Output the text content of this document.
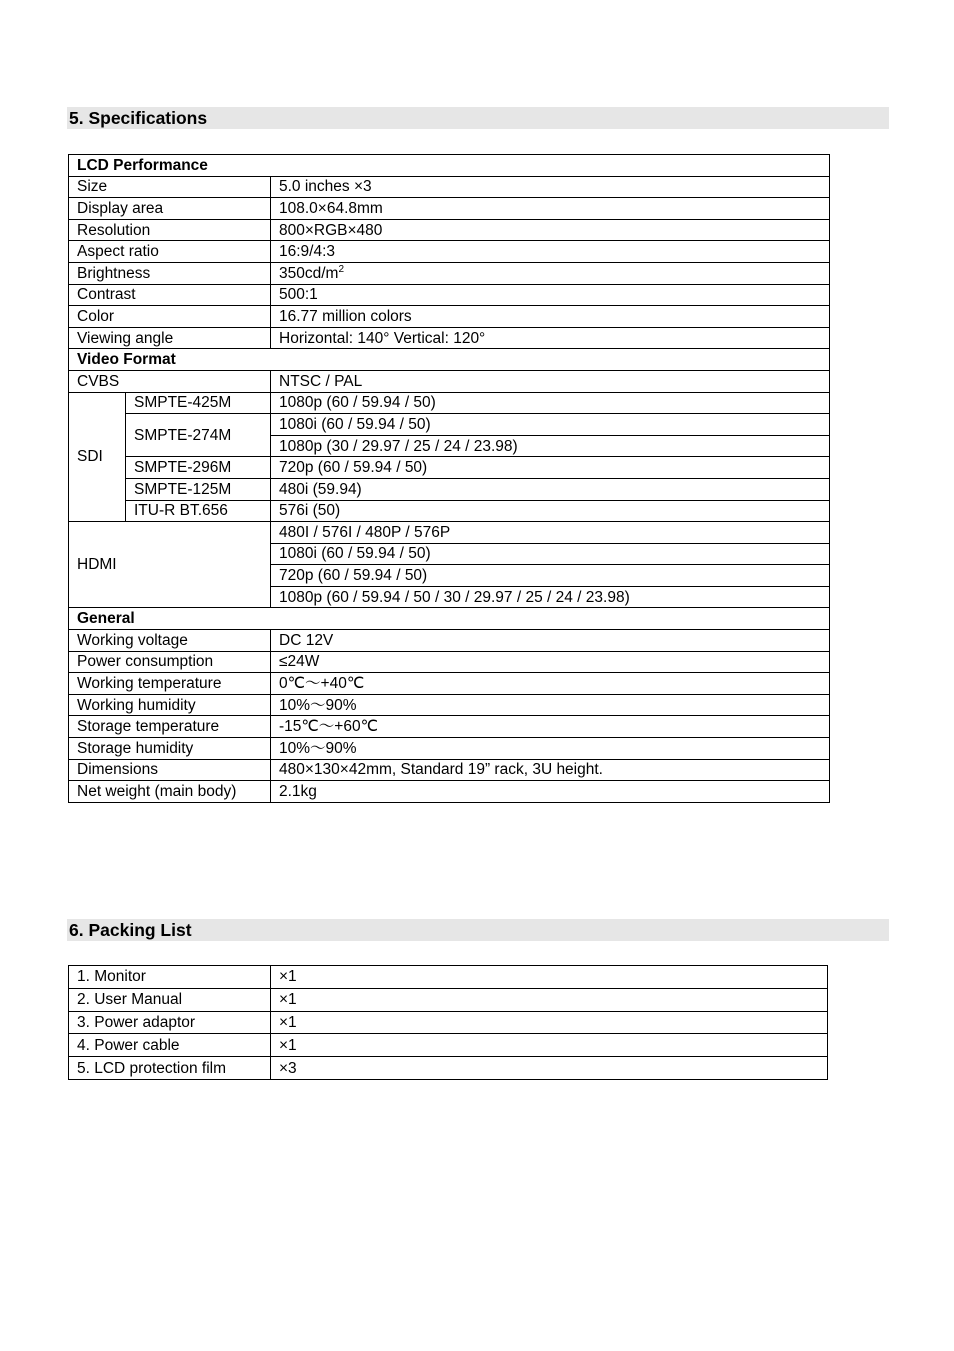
5. Specifications
LCD Performance		
Size		5.0 inches ×3
Display area		108.0×64.8mm
Resolution		800×RGB×480
Aspect ratio		16:9/4:3
Brightness		$350cd/m^2$
Contrast		500:1
Color		16.77 million colors
Viewing angle		Horizontal: 140° Vertical: 120°
Video Format		
CVBS		NTSC / PAL
SDI	SMPTE-425M	1080p (60 / 59.94 / 50)
	SMPTE-274M	1080i (60 / 59.94 / 50)
		1080p (30 / 29.97 / 25 / 24 / 23.98)
	SMPTE-296M	720p (60 / 59.94 / 50)
	SMPTE-125M	480i (59.94)
	ITU-R BT.656	576i (50)
HDMI		480I / 576I / 480P / 576P
		1080i (60 / 59.94 / 50)
		720p (60 / 59.94 / 50)
		1080p (60 / 59.94 / 50 / 30 / 29.97 / 25 / 24 / 23.98)
General		
Working voltage		DC 12V
Power consumption		≤24W
Working temperature		0℃～+40℃
Working humidity		10%～90%
Storage temperature		-15℃～+60℃
Storage humidity		10%～90%
Dimensions		480×130×42mm, Standard 19” rack, 3U height.
Net weight (main body)		2.1kg
6. Packing List
1. Monitor	×1
2. User Manual	×1
3. Power adaptor	×1
4. Power cable	×1
5. LCD protection film	×3
